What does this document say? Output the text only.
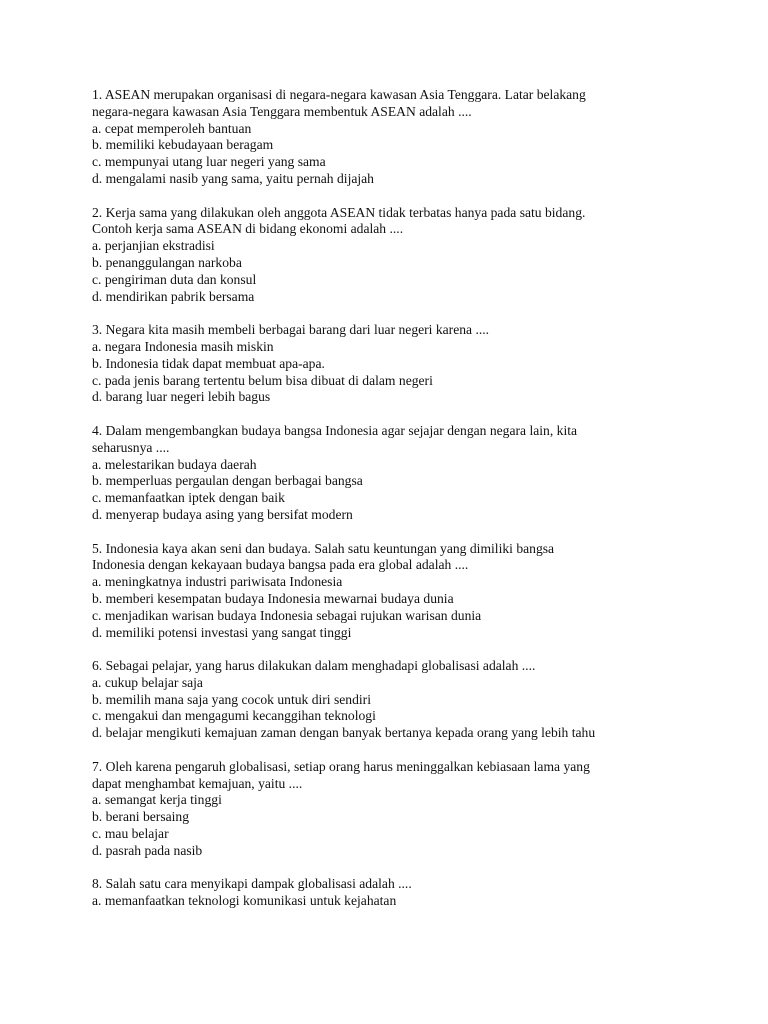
1. ASEAN merupakan organisasi di negara-negara kawasan Asia Tenggara. Latar belakang
negara-negara kawasan Asia Tenggara membentuk ASEAN adalah ....
a. cepat memperoleh bantuan
b. memiliki kebudayaan beragam
c. mempunyai utang luar negeri yang sama
d. mengalami nasib yang sama, yaitu pernah dijajah
2. Kerja sama yang dilakukan oleh anggota ASEAN tidak terbatas hanya pada satu bidang.
Contoh kerja sama ASEAN di bidang ekonomi adalah ....
a. perjanjian ekstradisi
b. penanggulangan narkoba
c. pengiriman duta dan konsul
d. mendirikan pabrik bersama
3. Negara kita masih membeli berbagai barang dari luar negeri karena ....
a. negara Indonesia masih miskin
b. Indonesia tidak dapat membuat apa-apa.
c. pada jenis barang tertentu belum bisa dibuat di dalam negeri
d. barang luar negeri lebih bagus
4. Dalam mengembangkan budaya bangsa Indonesia agar sejajar dengan negara lain, kita
seharusnya ....
a. melestarikan budaya daerah
b. memperluas pergaulan dengan berbagai bangsa
c. memanfaatkan iptek dengan baik
d. menyerap budaya asing yang bersifat modern
5. Indonesia kaya akan seni dan budaya. Salah satu keuntungan yang dimiliki bangsa
Indonesia dengan kekayaan budaya bangsa pada era global adalah ....
a. meningkatnya industri pariwisata Indonesia
b. memberi kesempatan budaya Indonesia mewarnai budaya dunia
c. menjadikan warisan budaya Indonesia sebagai rujukan warisan dunia
d. memiliki potensi investasi yang sangat tinggi
6. Sebagai pelajar, yang harus dilakukan dalam menghadapi globalisasi adalah ....
a. cukup belajar saja
b. memilih mana saja yang cocok untuk diri sendiri
c. mengakui dan mengagumi kecanggihan teknologi
d. belajar mengikuti kemajuan zaman dengan banyak bertanya kepada orang yang lebih tahu
7. Oleh karena pengaruh globalisasi, setiap orang harus meninggalkan kebiasaan lama yang
dapat menghambat kemajuan, yaitu ....
a. semangat kerja tinggi
b. berani bersaing
c. mau belajar
d. pasrah pada nasib
8. Salah satu cara menyikapi dampak globalisasi adalah ....
a. memanfaatkan teknologi komunikasi untuk kejahatan
